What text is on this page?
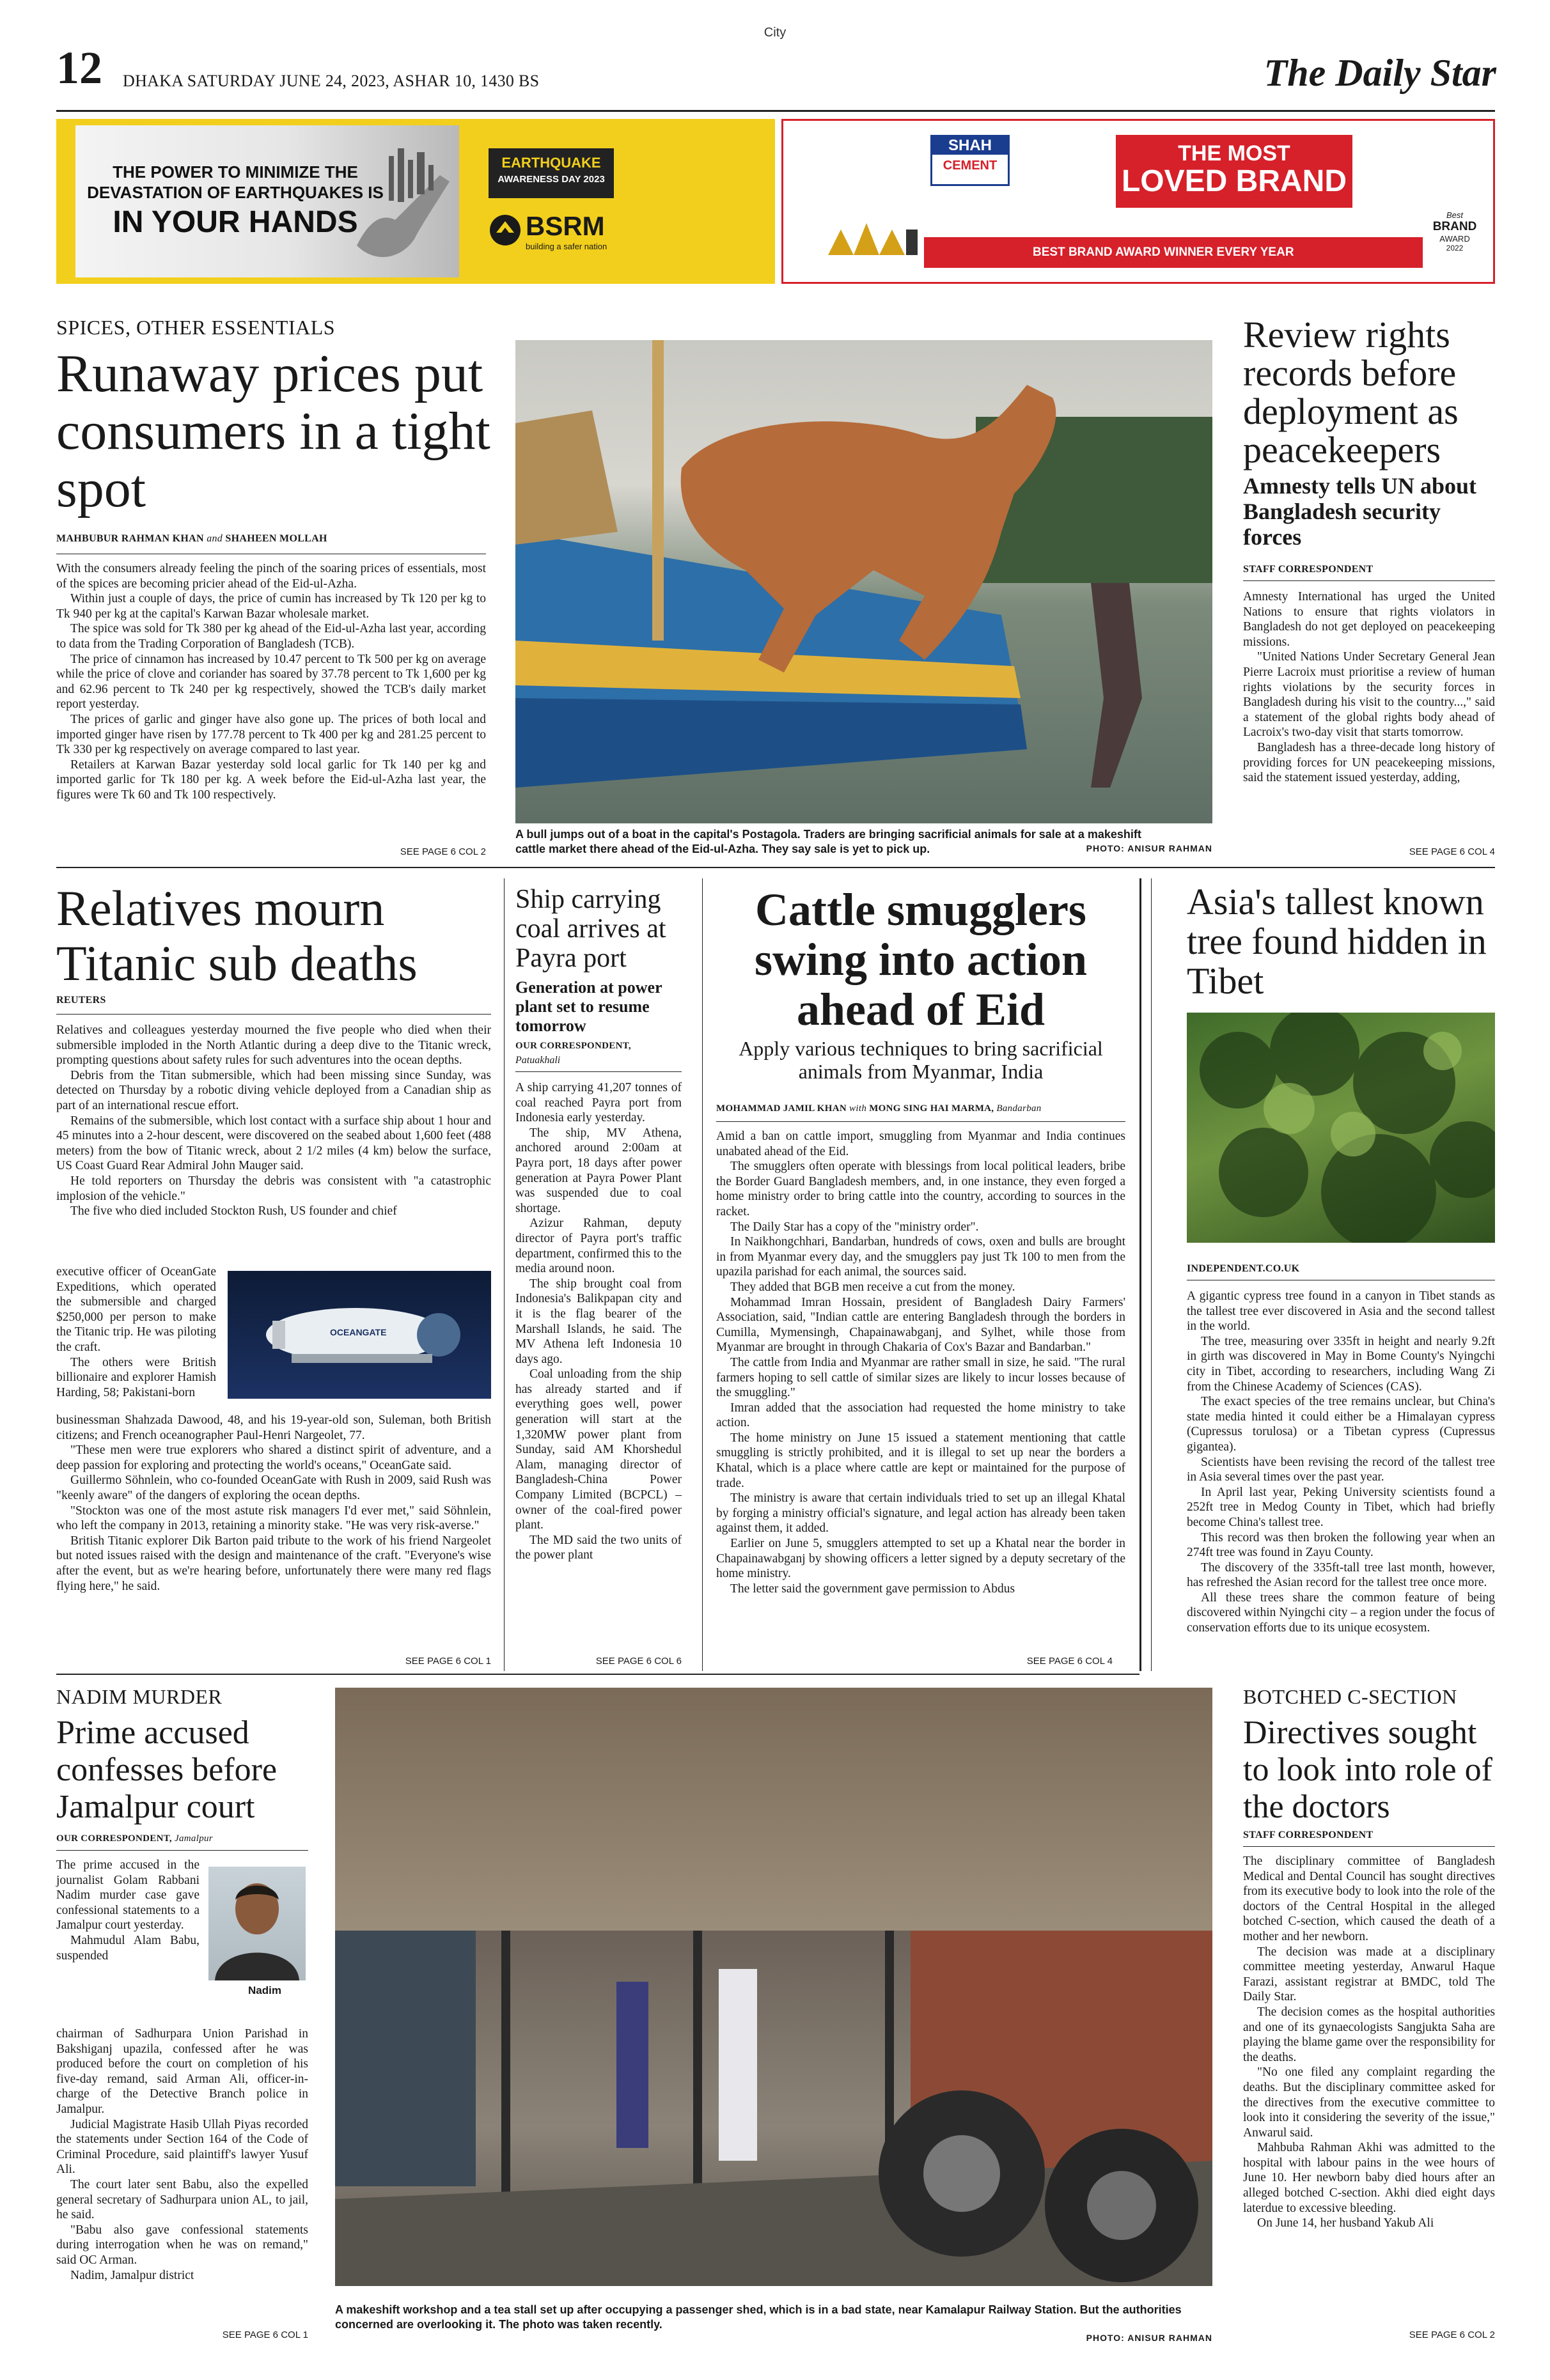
City
12 DHAKA SATURDAY JUNE 24, 2023, ASHAR 10, 1430 BS	The Daily Star
THE POWER TO MINIMIZE THE
DEVASTATION OF EARTHQUAKES IS
IN YOUR HANDS
EARTHQUAKE
AWARENESS DAY 2023
BSRM
building a safer nation
SHAH
CEMENT	THE MOST
LOVED BRAND
BEST BRAND AWARD WINNER EVERY YEAR
Best
BRAND
AWARD
2022
SPICES, OTHER ESSENTIALS
Runaway prices put consumers in a tight spot
MAHBUBUR RAHMAN KHAN and SHAHEEN MOLLAH

With the consumers already feeling the pinch of the soaring prices of essentials, most of the spices are becoming pricier ahead of the Eid-ul-Azha.

Within just a couple of days, the price of cumin has increased by Tk 120 per kg to Tk 940 per kg at the capital's Karwan Bazar wholesale market.

The spice was sold for Tk 380 per kg ahead of the Eid-ul-Azha last year, according to data from the Trading Corporation of Bangladesh (TCB).

The price of cinnamon has increased by 10.47 percent to Tk 500 per kg on average while the price of clove and coriander has soared by 37.78 percent to Tk 1,600 per kg and 62.96 percent to Tk 240 per kg respectively, showed the TCB's daily market report yesterday.

The prices of garlic and ginger have also gone up. The prices of both local and imported ginger have risen by 177.78 percent to Tk 400 per kg and 281.25 percent to Tk 330 per kg respectively on average compared to last year.

Retailers at Karwan Bazar yesterday sold local garlic for Tk 140 per kg and imported garlic for Tk 180 per kg. A week before the Eid-ul-Azha last year, the figures were Tk 60 and Tk 100 respectively.

SEE PAGE 6 COL 2
A bull jumps out of a boat in the capital's Postagola. Traders are bringing sacrificial animals for sale at a makeshift cattle market there ahead of the Eid-ul-Azha. They say sale is yet to pick up.	PHOTO: ANISUR RAHMAN
Review rights records before deployment as peacekeepers
Amnesty tells UN about Bangladesh security forces
STAFF CORRESPONDENT

Amnesty International has urged the United Nations to ensure that rights violators in Bangladesh do not get deployed on peacekeeping missions.

"United Nations Under Secretary General Jean Pierre Lacroix must prioritise a review of human rights violations by the security forces in Bangladesh during his visit to the country...," said a statement of the global rights body ahead of Lacroix's two-day visit that starts tomorrow.

Bangladesh has a three-decade long history of providing forces for UN peacekeeping missions, said the statement issued yesterday, adding,

SEE PAGE 6 COL 4
Relatives mourn Titanic sub deaths
REUTERS

Relatives and colleagues yesterday mourned the five people who died when their submersible imploded in the North Atlantic during a deep dive to the Titanic wreck, prompting questions about safety rules for such adventures into the ocean depths.

Debris from the Titan submersible, which had been missing since Sunday, was detected on Thursday by a robotic diving vehicle deployed from a Canadian ship as part of an international rescue effort.

Remains of the submersible, which lost contact with a surface ship about 1 hour and 45 minutes into a 2-hour descent, were discovered on the seabed about 1,600 feet (488 meters) from the bow of Titanic wreck, about 2 1/2 miles (4 km) below the surface, US Coast Guard Rear Admiral John Mauger said.

He told reporters on Thursday the debris was consistent with "a catastrophic implosion of the vehicle."

The five who died included Stockton Rush, US founder and chief

executive officer of OceanGate Expeditions, which operated the submersible and charged $250,000 per person to make the Titanic trip. He was piloting the craft.

The others were British billionaire and explorer Hamish Harding, 58; Pakistani-born

OCEANGATE

businessman Shahzada Dawood, 48, and his 19-year-old son, Suleman, both British citizens; and French oceanographer Paul-Henri Nargeolet, 77.

"These men were true explorers who shared a distinct spirit of adventure, and a deep passion for exploring and protecting the world's oceans," OceanGate said.

Guillermo Söhnlein, who co-founded OceanGate with Rush in 2009, said Rush was "keenly aware" of the dangers of exploring the ocean depths.

"Stockton was one of the most astute risk managers I'd ever met," said Söhnlein, who left the company in 2013, retaining a minority stake. "He was very risk-averse."

British Titanic explorer Dik Barton paid tribute to the work of his friend Nargeolet but noted issues raised with the design and maintenance of the craft. "Everyone's wise after the event, but as we're hearing before, unfortunately there were many red flags flying here," he said.

SEE PAGE 6 COL 1
Ship carrying coal arrives at Payra port
Generation at power plant set to resume tomorrow
OUR CORRESPONDENT,
Patuakhali

A ship carrying 41,207 tonnes of coal reached Payra port from Indonesia early yesterday.

The ship, MV Athena, anchored around 2:00am at Payra port, 18 days after power generation at Payra Power Plant was suspended due to coal shortage.

Azizur Rahman, deputy director of Payra port's traffic department, confirmed this to the media around noon.

The ship brought coal from Indonesia's Balikpapan city and it is the flag bearer of the Marshall Islands, he said. The MV Athena left Indonesia 10 days ago.

Coal unloading from the ship has already started and if everything goes well, power generation will start at the 1,320MW power plant from Sunday, said AM Khorshedul Alam, managing director of Bangladesh-China Power Company Limited (BCPCL) – owner of the coal-fired power plant.

The MD said the two units of the power plant

SEE PAGE 6 COL 6
Cattle smugglers swing into action ahead of Eid
Apply various techniques to bring sacrificial animals from Myanmar, India
MOHAMMAD JAMIL KHAN with MONG SING HAI MARMA, Bandarban

Amid a ban on cattle import, smuggling from Myanmar and India continues unabated ahead of the Eid.

The smugglers often operate with blessings from local political leaders, bribe the Border Guard Bangladesh members, and, in one instance, they even forged a home ministry order to bring cattle into the country, according to sources in the racket.

The Daily Star has a copy of the "ministry order".

In Naikhongchhari, Bandarban, hundreds of cows, oxen and bulls are brought in from Myanmar every day, and the smugglers pay just Tk 100 to men from the upazila parishad for each animal, the sources said.

They added that BGB men receive a cut from the money.

Mohammad Imran Hossain, president of Bangladesh Dairy Farmers' Association, said, "Indian cattle are entering Bangladesh through the borders in Cumilla, Mymensingh, Chapainawabganj, and Sylhet, while those from Myanmar are brought in through Chakaria of Cox's Bazar and Bandarban."

The cattle from India and Myanmar are rather small in size, he said. "The rural farmers hoping to sell cattle of similar sizes are likely to incur losses because of the smuggling."

Imran added that the association had requested the home ministry to take action.

The home ministry on June 15 issued a statement mentioning that cattle smuggling is strictly prohibited, and it is illegal to set up near the borders a Khatal, which is a place where cattle are kept or maintained for the purpose of trade.

The ministry is aware that certain individuals tried to set up an illegal Khatal by forging a ministry official's signature, and legal action has already been taken against them, it added.

Earlier on June 5, smugglers attempted to set up a Khatal near the border in Chapainawabganj by showing officers a letter signed by a deputy secretary of the home ministry.

The letter said the government gave permission to Abdus

SEE PAGE 6 COL 4
Asia's tallest known tree found hidden in Tibet
INDEPENDENT.CO.UK

A gigantic cypress tree found in a canyon in Tibet stands as the tallest tree ever discovered in Asia and the second tallest in the world.

The tree, measuring over 335ft in height and nearly 9.2ft in girth was discovered in May in Bome County's Nyingchi city in Tibet, according to researchers, including Wang Zi from the Chinese Academy of Sciences (CAS).

The exact species of the tree remains unclear, but China's state media hinted it could either be a Himalayan cypress (Cupressus torulosa) or a Tibetan cypress (Cupressus gigantea).

Scientists have been revising the record of the tallest tree in Asia several times over the past year.

In April last year, Peking University scientists found a 252ft tree in Medog County in Tibet, which had briefly become China's tallest tree.

This record was then broken the following year when an 274ft tree was found in Zayu County.

The discovery of the 335ft-tall tree last month, however, has refreshed the Asian record for the tallest tree once more.

All these trees share the common feature of being discovered within Nyingchi city – a region under the focus of conservation efforts due to its unique ecosystem.

NADIM MURDER
Prime accused confesses before Jamalpur court
OUR CORRESPONDENT, Jamalpur

The prime accused in the journalist Golam Rabbani Nadim murder case gave confessional statements to a Jamalpur court yesterday.

Mahmudul Alam Babu, suspended

Nadim

chairman of Sadhurpara Union Parishad in Bakshiganj upazila, confessed after he was produced before the court on completion of his five-day remand, said Arman Ali, officer-in-charge of the Detective Branch police in Jamalpur.

Judicial Magistrate Hasib Ullah Piyas recorded the statements under Section 164 of the Code of Criminal Procedure, said plaintiff's lawyer Yusuf Ali.

The court later sent Babu, also the expelled general secretary of Sadhurpara union AL, to jail, he said.

"Babu also gave confessional statements during interrogation when he was on remand," said OC Arman.

Nadim, Jamalpur district

SEE PAGE 6 COL 1
A makeshift workshop and a tea stall set up after occupying a passenger shed, which is in a bad state, near Kamalapur Railway Station. But the authorities concerned are overlooking it. The photo was taken recently.
PHOTO: ANISUR RAHMAN
BOTCHED C-SECTION
Directives sought to look into role of the doctors
STAFF CORRESPONDENT

The disciplinary committee of Bangladesh Medical and Dental Council has sought directives from its executive body to look into the role of the doctors of the Central Hospital in the alleged botched C-section, which caused the death of a mother and her newborn.

The decision was made at a disciplinary committee meeting yesterday, Anwarul Haque Farazi, assistant registrar at BMDC, told The Daily Star.

The decision comes as the hospital authorities and one of its gynaecologists Sangjukta Saha are playing the blame game over the responsibility for the deaths.

"No one filed any complaint regarding the deaths. But the disciplinary committee asked for the directives from the executive committee to look into it considering the severity of the issue," Anwarul said.

Mahbuba Rahman Akhi was admitted to the hospital with labour pains in the wee hours of June 10. Her newborn baby died hours after an alleged botched C-section. Akhi died eight days laterdue to excessive bleeding.

On June 14, her husband Yakub Ali

SEE PAGE 6 COL 2
